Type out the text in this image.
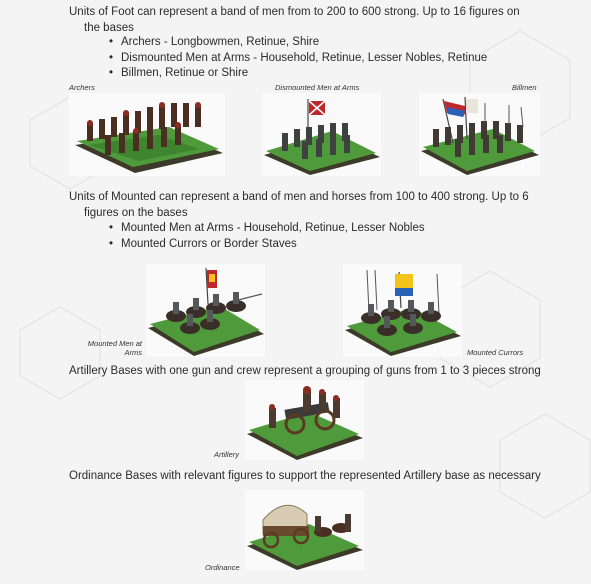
Units of Foot can represent a band of men from to 200 to 600 strong. Up to 16 figures on

the bases

• Archers - Longbowmen, Retinue, Shire
• Dismounted Men at Arms - Household, Retinue, Lesser Nobles, Retinue
• Billmen, Retinue or Shire
Archers	Dismounted Men at Arms	Billmen

Units of Mounted can represent a band of men and horses from 100 to 400 strong. Up to 6

figures on the bases

• Mounted Men at Arms - Household, Retinue, Lesser Nobles
• Mounted Currors or Border Staves
Mounted Men at
Arms	Mounted Currors

Artillery Bases with one gun and crew represent a grouping of guns from 1 to 3 pieces strong

Artillery

Ordinance Bases with relevant figures to support the represented Artillery base as necessary

Ordinance
